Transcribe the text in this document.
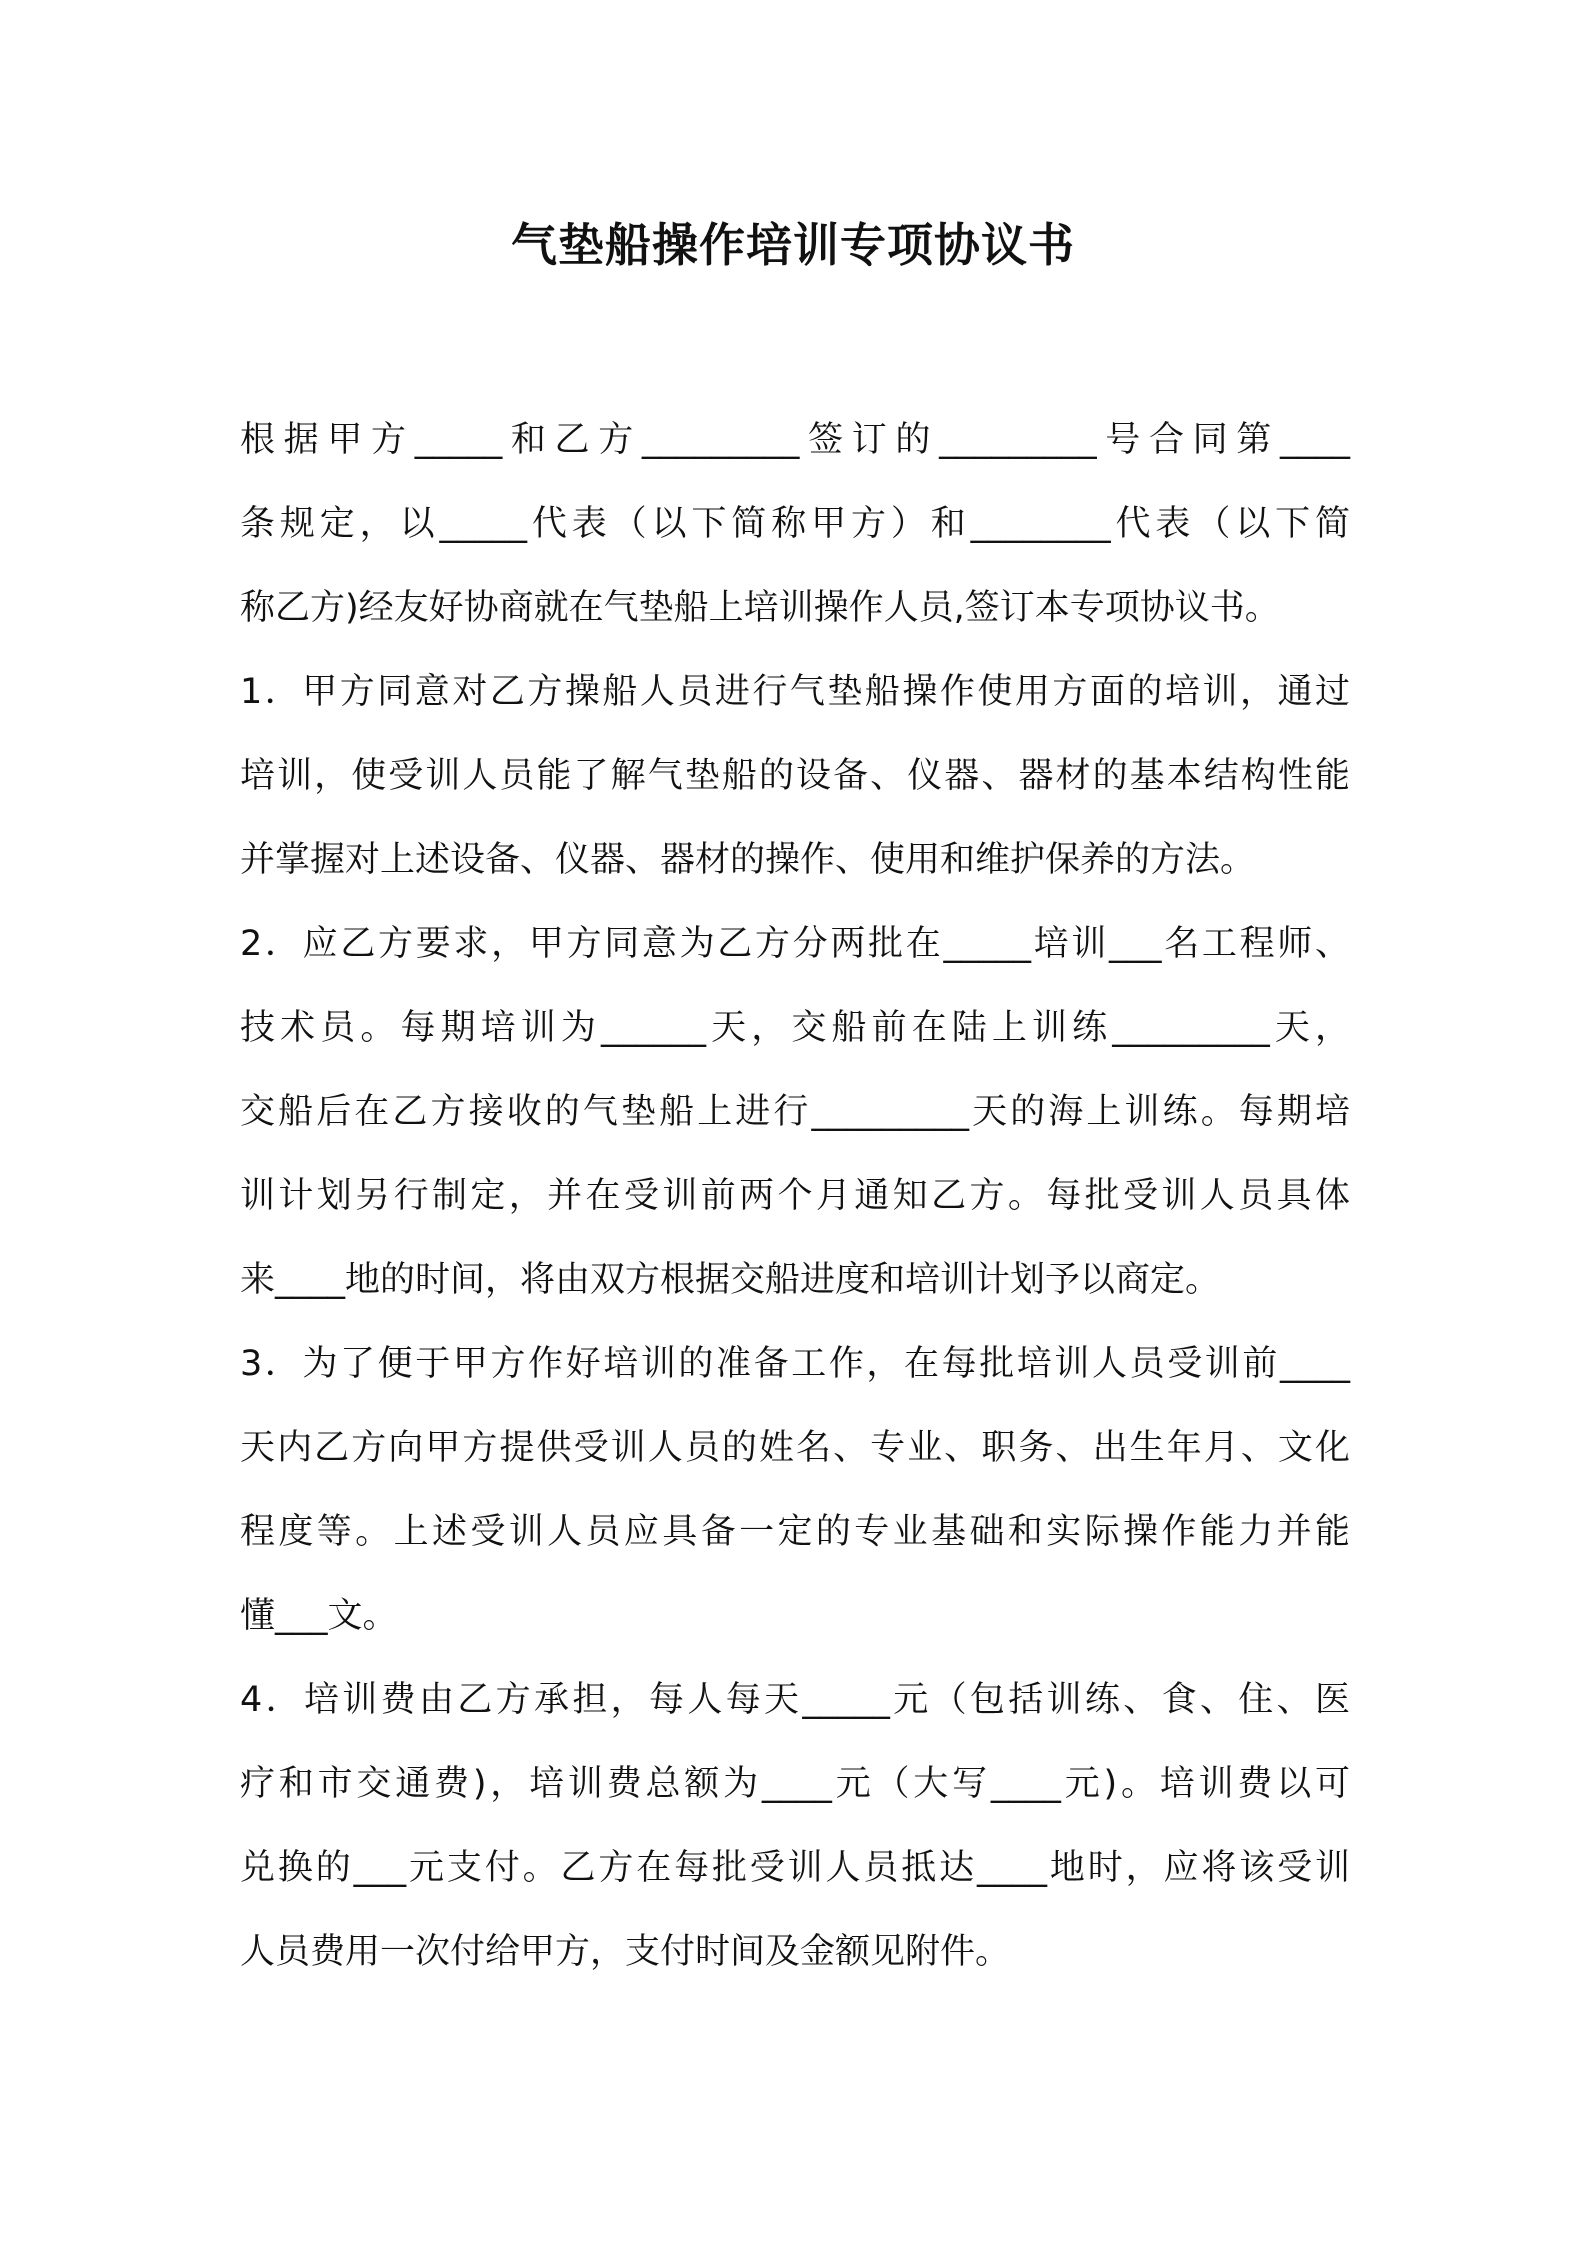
气垫船操作培训专项协议书
根据甲方_____和乙方_________签订的_________号合同第____
条规定，以_____代表（以下简称甲方）和________代表（以下简
称乙方)经友好协商就在气垫船上培训操作人员,签订本专项协议书。
1．甲方同意对乙方操船人员进行气垫船操作使用方面的培训，通过
培训，使受训人员能了解气垫船的设备、仪器、器材的基本结构性能
并掌握对上述设备、仪器、器材的操作、使用和维护保养的方法。
2．应乙方要求，甲方同意为乙方分两批在_____培训___名工程师、
技术员。每期培训为______天，交船前在陆上训练_________天，
交船后在乙方接收的气垫船上进行_________天的海上训练。每期培
训计划另行制定，并在受训前两个月通知乙方。每批受训人员具体
来____地的时间，将由双方根据交船进度和培训计划予以商定。
3．为了便于甲方作好培训的准备工作，在每批培训人员受训前____
天内乙方向甲方提供受训人员的姓名、专业、职务、出生年月、文化
程度等。上述受训人员应具备一定的专业基础和实际操作能力并能
懂___文。
4．培训费由乙方承担，每人每天_____元（包括训练、食、住、医
疗和市交通费)，培训费总额为____元（大写____元)。培训费以可
兑换的___元支付。乙方在每批受训人员抵达____地时，应将该受训
人员费用一次付给甲方，支付时间及金额见附件。
